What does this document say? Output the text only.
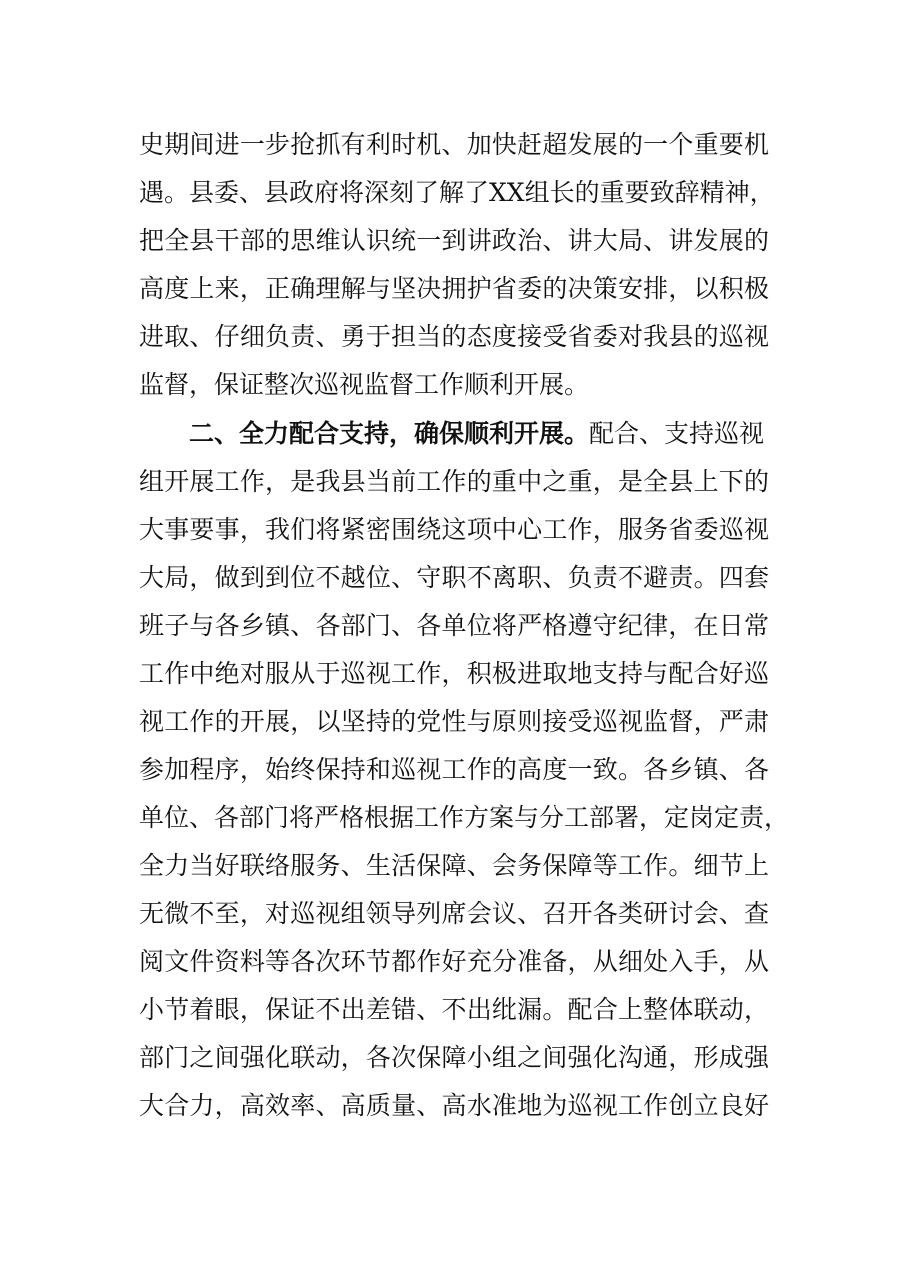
史期间进一步抢抓有利时机、加快赶超发展的一个重要机
遇。县委、县政府将深刻了解了XX组长的重要致辞精神，
把全县干部的思维认识统一到讲政治、讲大局、讲发展的
高度上来，正确理解与坚决拥护省委的决策安排，以积极
进取、仔细负责、勇于担当的态度接受省委对我县的巡视
监督，保证整次巡视监督工作顺利开展。
二、全力配合支持，确保顺利开展。配合、支持巡视
组开展工作，是我县当前工作的重中之重，是全县上下的
大事要事，我们将紧密围绕这项中心工作，服务省委巡视
大局，做到到位不越位、守职不离职、负责不避责。四套
班子与各乡镇、各部门、各单位将严格遵守纪律，在日常
工作中绝对服从于巡视工作，积极进取地支持与配合好巡
视工作的开展，以坚持的党性与原则接受巡视监督，严肃
参加程序，始终保持和巡视工作的高度一致。各乡镇、各
单位、各部门将严格根据工作方案与分工部署，定岗定责，
全力当好联络服务、生活保障、会务保障等工作。细节上
无微不至，对巡视组领导列席会议、召开各类研讨会、查
阅文件资料等各次环节都作好充分准备，从细处入手，从
小节着眼，保证不出差错、不出纰漏。配合上整体联动，
部门之间强化联动，各次保障小组之间强化沟通，形成强
大合力，高效率、高质量、高水准地为巡视工作创立良好
